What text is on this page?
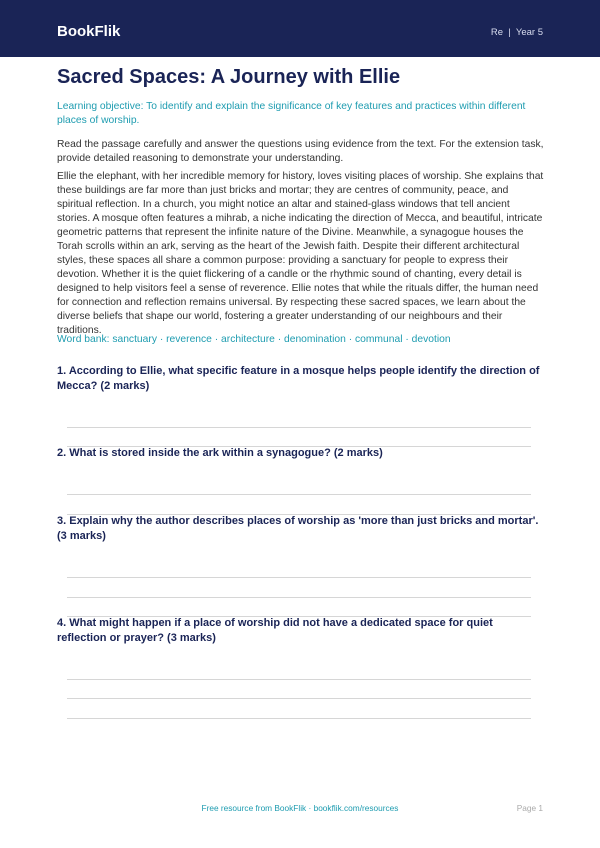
BookFlik	Re  |  Year 5
Sacred Spaces: A Journey with Ellie

Learning objective: To identify and explain the significance of key features and practices within different places of worship.

Read the passage carefully and answer the questions using evidence from the text. For the extension task, provide detailed reasoning to demonstrate your understanding.

Ellie the elephant, with her incredible memory for history, loves visiting places of worship. She explains that these buildings are far more than just bricks and mortar; they are centres of community, peace, and spiritual reflection. In a church, you might notice an altar and stained-glass windows that tell ancient stories. A mosque often features a mihrab, a niche indicating the direction of Mecca, and beautiful, intricate geometric patterns that represent the infinite nature of the Divine. Meanwhile, a synagogue houses the Torah scrolls within an ark, serving as the heart of the Jewish faith. Despite their different architectural styles, these spaces all share a common purpose: providing a sanctuary for people to express their devotion. Whether it is the quiet flickering of a candle or the rhythmic sound of chanting, every detail is designed to help visitors feel a sense of reverence. Ellie notes that while the rituals differ, the human need for connection and reflection remains universal. By respecting these sacred spaces, we learn about the diverse beliefs that shape our world, fostering a greater understanding of our neighbours and their traditions.

Word bank: sanctuary · reverence · architecture · denomination · communal · devotion

1. According to Ellie, what specific feature in a mosque helps people identify the direction of Mecca? (2 marks)

2. What is stored inside the ark within a synagogue? (2 marks)

3. Explain why the author describes places of worship as 'more than just bricks and mortar'. (3 marks)

4. What might happen if a place of worship did not have a dedicated space for quiet reflection or prayer? (3 marks)

Free resource from BookFlik · bookflik.com/resources	Page 1
